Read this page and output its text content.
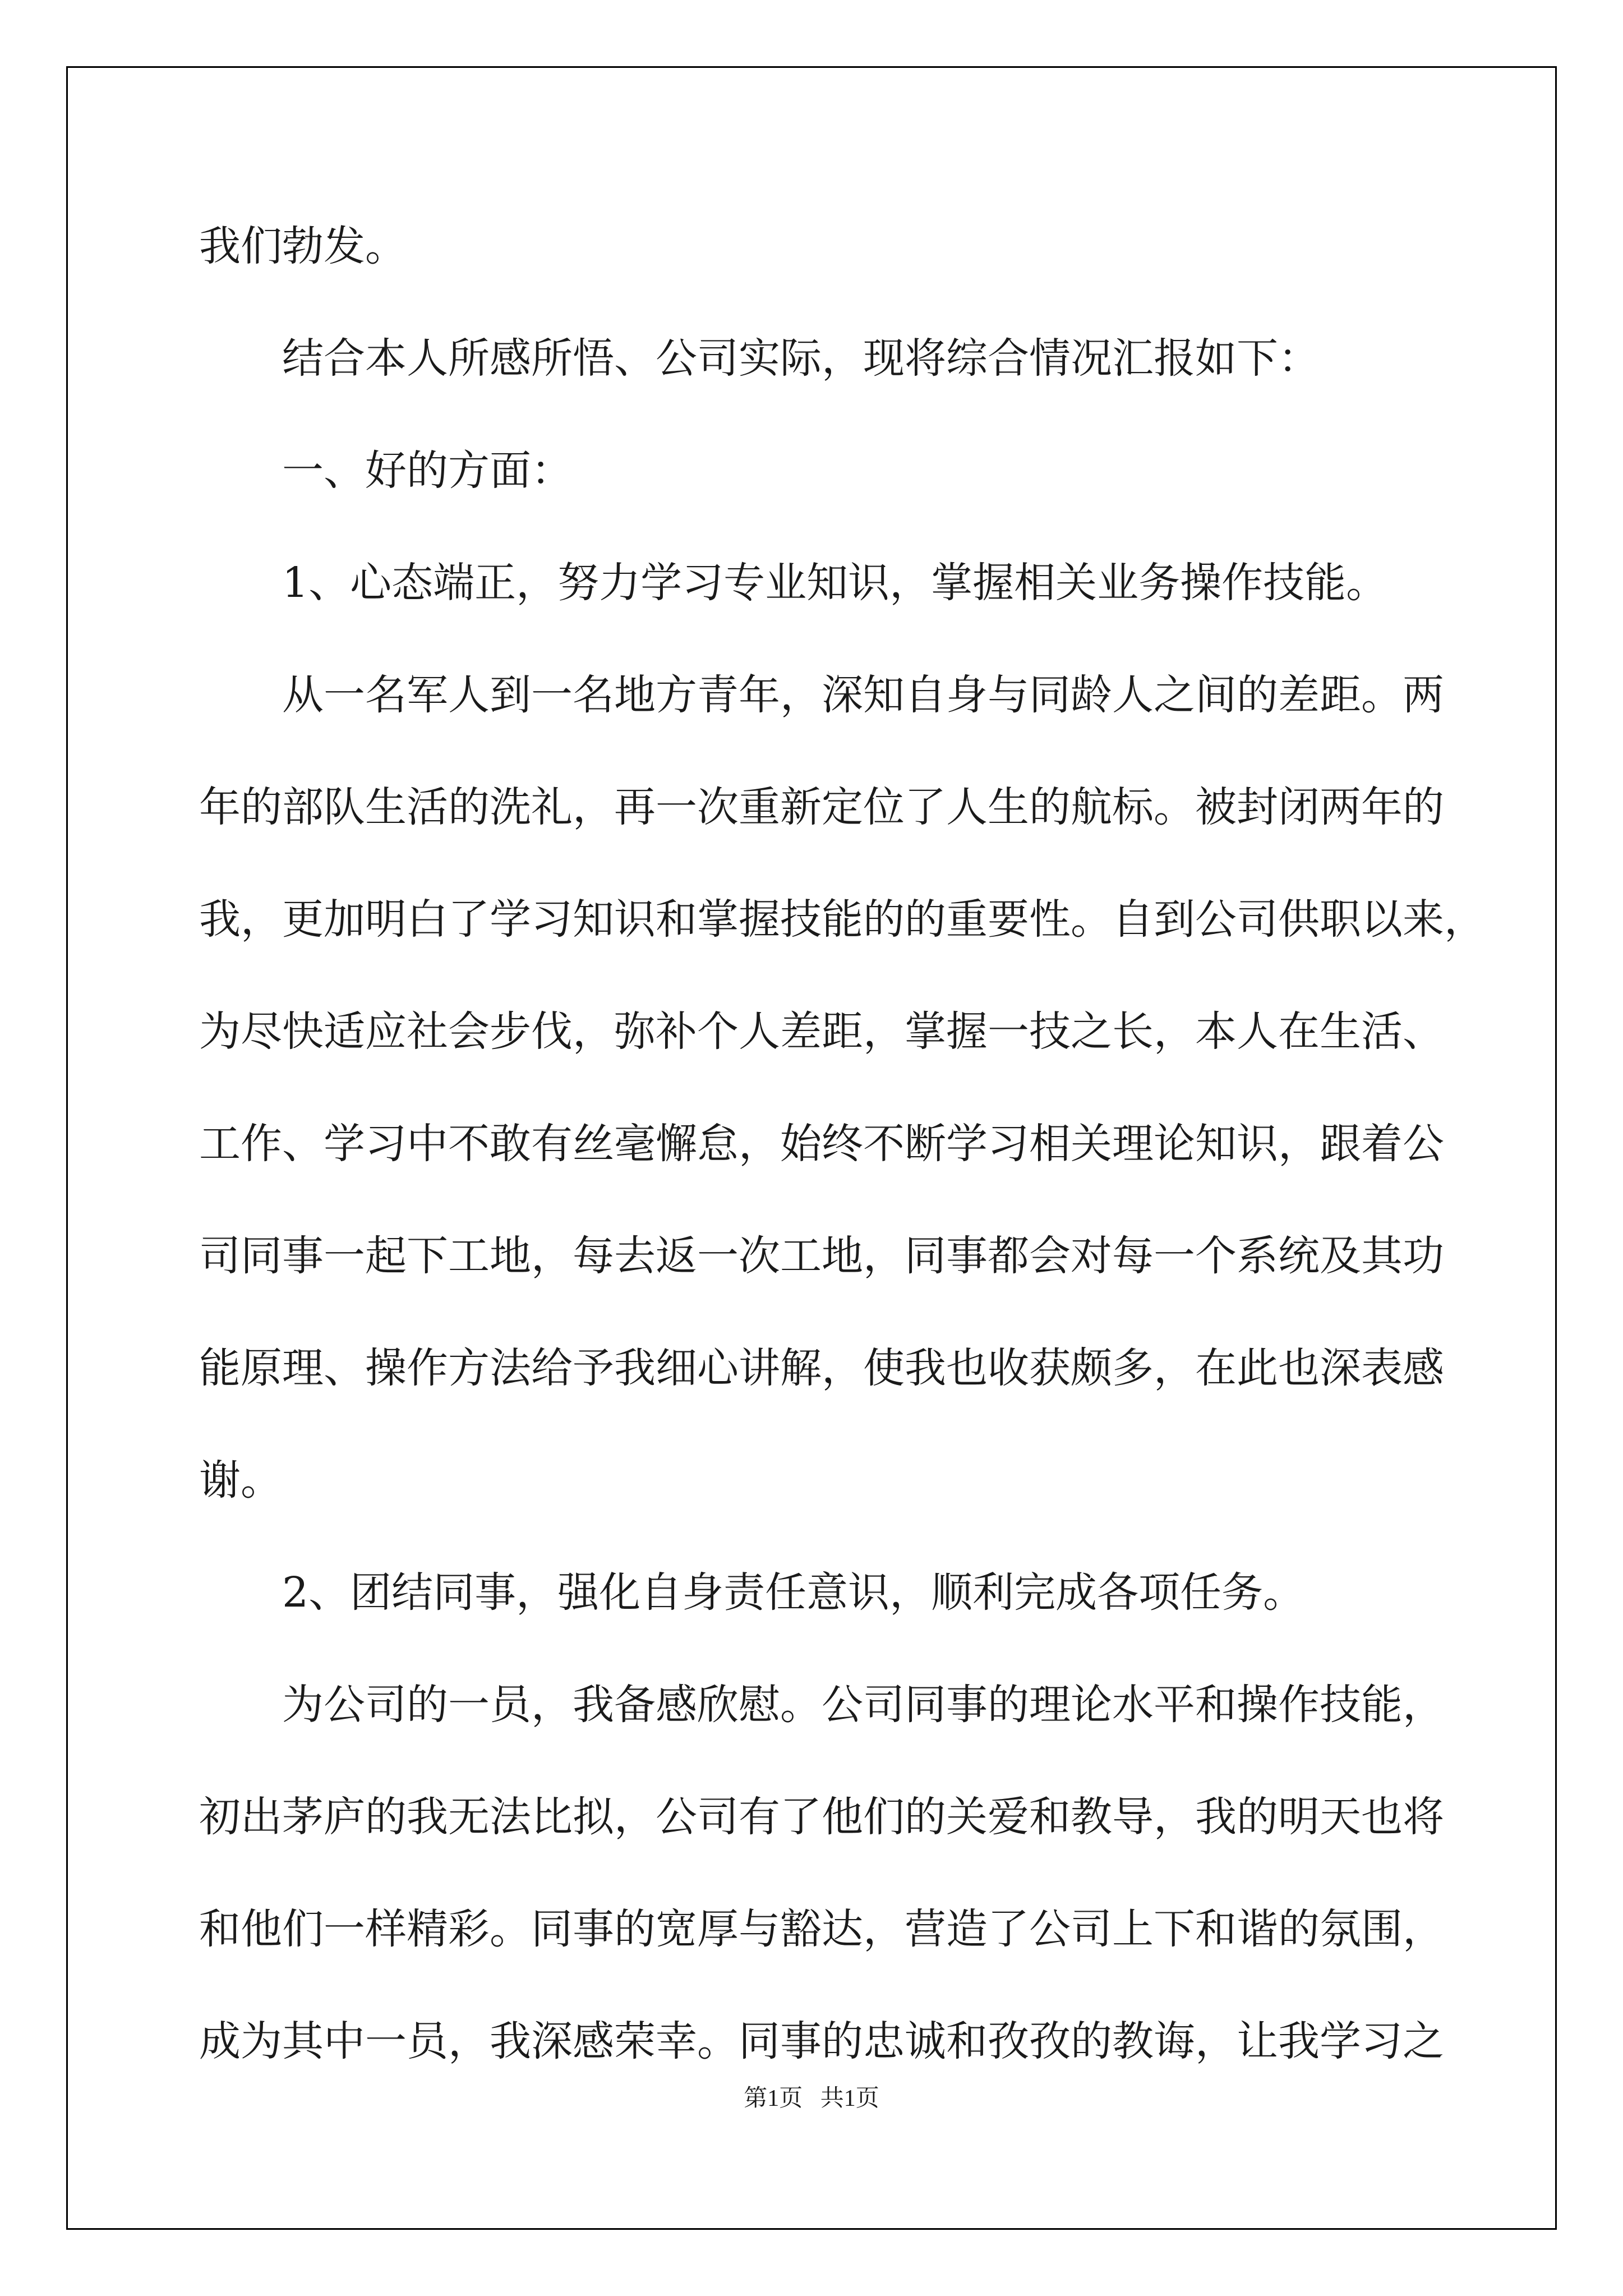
我们勃发。
结合本人所感所悟、公司实际，现将综合情况汇报如下：
一、好的方面：
1、心态端正，努力学习专业知识，掌握相关业务操作技能。
从一名军人到一名地方青年，深知自身与同龄人之间的差距。两
年的部队生活的洗礼，再一次重新定位了人生的航标。被封闭两年的
我，更加明白了学习知识和掌握技能的的重要性。自到公司供职以来，
为尽快适应社会步伐，弥补个人差距，掌握一技之长，本人在生活、
工作、学习中不敢有丝毫懈怠，始终不断学习相关理论知识，跟着公
司同事一起下工地，每去返一次工地，同事都会对每一个系统及其功
能原理、操作方法给予我细心讲解，使我也收获颇多，在此也深表感
谢。
2、团结同事，强化自身责任意识，顺利完成各项任务。
为公司的一员，我备感欣慰。公司同事的理论水平和操作技能，
初出茅庐的我无法比拟，公司有了他们的关爱和教导，我的明天也将
和他们一样精彩。同事的宽厚与豁达，营造了公司上下和谐的氛围，
成为其中一员，我深感荣幸。同事的忠诚和孜孜的教诲，让我学习之
第1页   共1页
